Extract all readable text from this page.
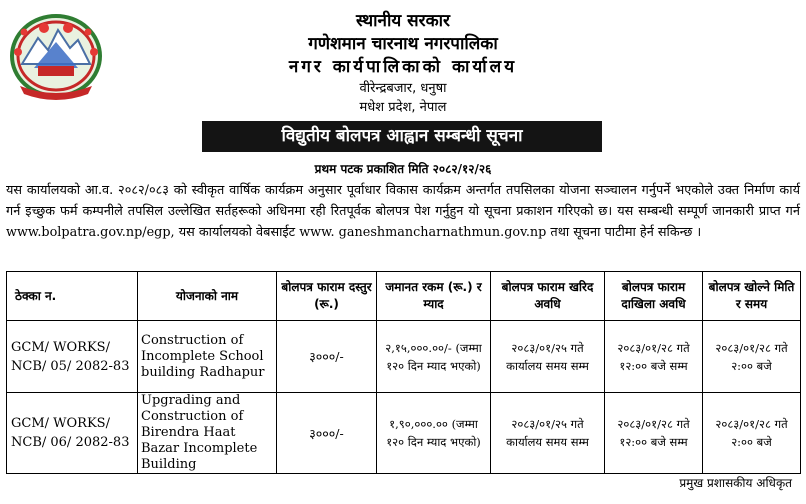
स्थानीय सरकार
गणेशमान चारनाथ नगरपालिका
नगर कार्यपालिकाको कार्यालय
वीरेन्द्रबजार, धनुषा
मधेश प्रदेश, नेपाल
विद्युतीय बोलपत्र आह्वान सम्बन्धी सूचना
प्रथम पटक प्रकाशित मिति २०८२/१२/२६

यस कार्यालयको आ.व. २०८२/०८३ को स्वीकृत वार्षिक कार्यक्रम अनुसार पूर्वाधार विकास कार्यक्रम अन्तर्गत तपसिलका योजना सञ्चालन गर्नुपर्ने भएकोले उक्त निर्माण कार्य गर्न इच्छुक फर्म कम्पनीले तपसिल उल्लेखित सर्तहरूको अधिनमा रही रितपूर्वक बोलपत्र पेश गर्नुहुन यो सूचना प्रकाशन गरिएको छ। यस सम्बन्धी सम्पूर्ण जानकारी प्राप्त गर्न www.bolpatra.gov.np/egp, यस कार्यालयको वेबसाईट www. ganeshmancharnathmun.gov.np तथा सूचना पाटीमा हेर्न सकिन्छ ।

ठेक्का न.	योजनाको नाम	बोलपत्र फाराम दस्तुर (रू.)	जमानत रकम (रू.) र म्याद	बोलपत्र फाराम खरिद अवधि	बोलपत्र फाराम दाखिला अवधि	बोलपत्र खोल्ने मिति र समय
GCM/ WORKS/ NCB/ 05/ 2082-83	Construction of Incomplete School building Radhapur	३०००/-	२,१५,०००.००/- (जम्मा १२० दिन म्याद भएको)	२०८३/०१/२५ गते कार्यालय समय सम्म	२०८३/०१/२८ गते १२:०० बजे सम्म	२०८३/०१/२८ गते २:०० बजे
GCM/ WORKS/ NCB/ 06/ 2082-83	Upgrading and Construction of Birendra Haat Bazar Incomplete Building	३०००/-	१,९०,०००.०० (जम्मा १२० दिन म्याद भएको)	२०८३/०१/२५ गते कार्यालय समय सम्म	२०८३/०१/२८ गते १२:०० बजे सम्म	२०८३/०१/२८ गते २:०० बजे
प्रमुख प्रशासकीय अधिकृत
